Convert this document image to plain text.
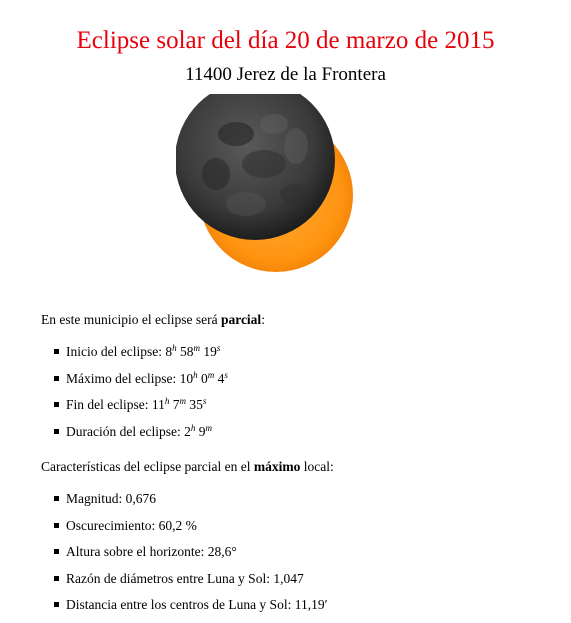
Eclipse solar del día 20 de marzo de 2015
11400 Jerez de la Frontera
En este municipio el eclipse será parcial:
Inicio del eclipse: 8$^h$ 58$^m$ 19$^s$
Máximo del eclipse: 10$^h$ 0$^m$ 4$^s$
Fin del eclipse: 11$^h$ 7$^m$ 35$^s$
Duración del eclipse: 2$^h$ 9$^m$
Características del eclipse parcial en el máximo local:
Magnitud: 0,676
Oscurecimiento: 60,2 %
Altura sobre el horizonte: 28,6°
Razón de diámetros entre Luna y Sol: 1,047
Distancia entre los centros de Luna y Sol: 11,19′
